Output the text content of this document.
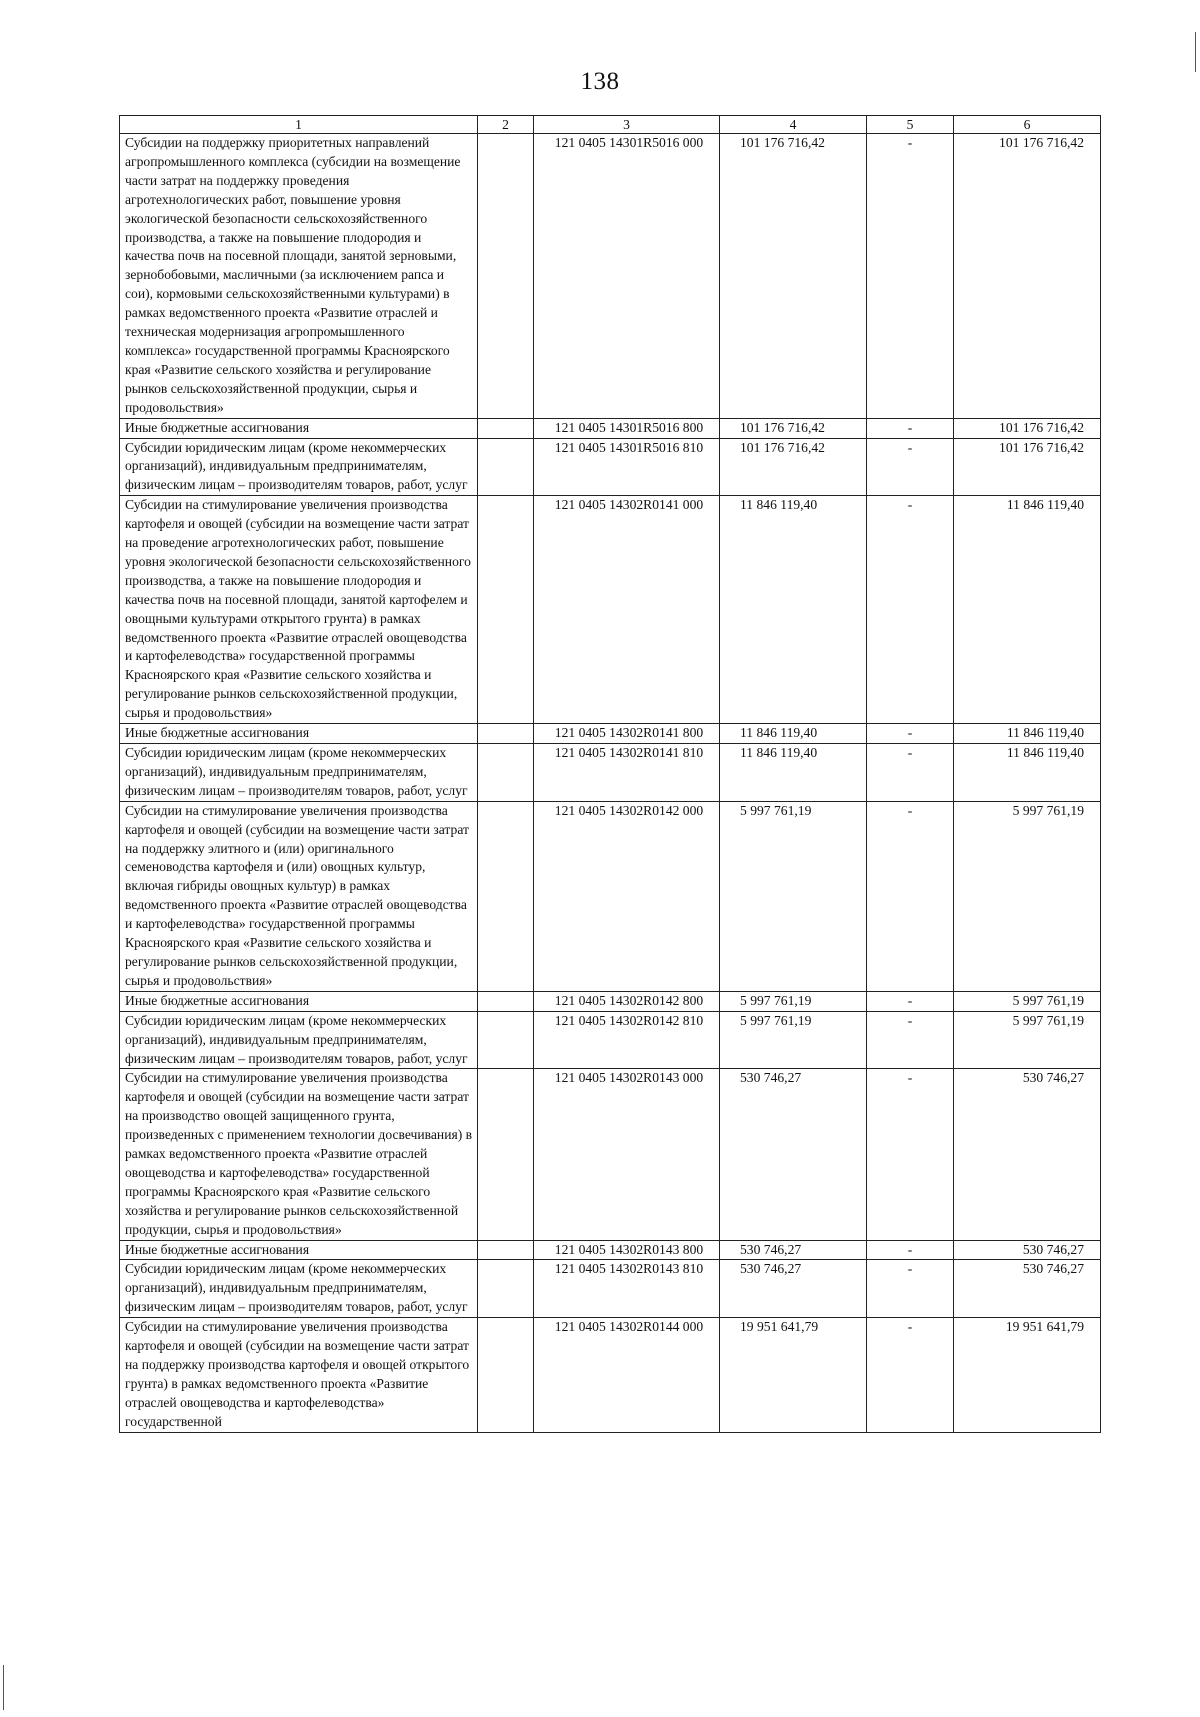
138
1	2	3	4	5	6
Субсидии на поддержку приоритетных направлений агропромышленного комплекса (субсидии на возмещение части затрат на поддержку проведения агротехнологических работ, повышение уровня экологической безопасности сельскохозяйственного производства, а также на повышение плодородия и качества почв на посевной площади, занятой зерновыми, зернобобовыми, масличными (за исключением рапса и сои), кормовыми сельскохозяйственными культурами) в рамках ведомственного проекта «Развитие отраслей и техническая модернизация агропромышленного комплекса» государственной программы Красноярского края «Развитие сельского хозяйства и регулирование рынков сельскохозяйственной продукции, сырья и продовольствия»		121 0405 14301R5016 000	101 176 716,42	-	101 176 716,42
Иные бюджетные ассигнования		121 0405 14301R5016 800	101 176 716,42	-	101 176 716,42
Субсидии юридическим лицам (кроме некоммерческих организаций), индивидуальным предпринимателям, физическим лицам – производителям товаров, работ, услуг		121 0405 14301R5016 810	101 176 716,42	-	101 176 716,42
Субсидии на стимулирование увеличения производства картофеля и овощей (субсидии на возмещение части затрат на проведение агротехнологических работ, повышение уровня экологической безопасности сельскохозяйственного производства, а также на повышение плодородия и качества почв на посевной площади, занятой картофелем и овощными культурами открытого грунта) в рамках ведомственного проекта «Развитие отраслей овощеводства и картофелеводства» государственной программы Красноярского края «Развитие сельского хозяйства и регулирование рынков сельскохозяйственной продукции, сырья и продовольствия»		121 0405 14302R0141 000	11 846 119,40	-	11 846 119,40
Иные бюджетные ассигнования		121 0405 14302R0141 800	11 846 119,40	-	11 846 119,40
Субсидии юридическим лицам (кроме некоммерческих организаций), индивидуальным предпринимателям, физическим лицам – производителям товаров, работ, услуг		121 0405 14302R0141 810	11 846 119,40	-	11 846 119,40
Субсидии на стимулирование увеличения производства картофеля и овощей (субсидии на возмещение части затрат на поддержку элитного и (или) оригинального семеноводства картофеля и (или) овощных культур, включая гибриды овощных культур) в рамках ведомственного проекта «Развитие отраслей овощеводства и картофелеводства» государственной программы Красноярского края «Развитие сельского хозяйства и регулирование рынков сельскохозяйственной продукции, сырья и продовольствия»		121 0405 14302R0142 000	5 997 761,19	-	5 997 761,19
Иные бюджетные ассигнования		121 0405 14302R0142 800	5 997 761,19	-	5 997 761,19
Субсидии юридическим лицам (кроме некоммерческих организаций), индивидуальным предпринимателям, физическим лицам – производителям товаров, работ, услуг		121 0405 14302R0142 810	5 997 761,19	-	5 997 761,19
Субсидии на стимулирование увеличения производства картофеля и овощей (субсидии на возмещение части затрат на производство овощей защищенного грунта, произведенных с применением технологии досвечивания) в рамках ведомственного проекта «Развитие отраслей овощеводства и картофелеводства» государственной программы Красноярского края «Развитие сельского хозяйства и регулирование рынков сельскохозяйственной продукции, сырья и продовольствия»		121 0405 14302R0143 000	530 746,27	-	530 746,27
Иные бюджетные ассигнования		121 0405 14302R0143 800	530 746,27	-	530 746,27
Субсидии юридическим лицам (кроме некоммерческих организаций), индивидуальным предпринимателям, физическим лицам – производителям товаров, работ, услуг		121 0405 14302R0143 810	530 746,27	-	530 746,27
Субсидии на стимулирование увеличения производства картофеля и овощей (субсидии на возмещение части затрат на поддержку производства картофеля и овощей открытого грунта) в рамках ведомственного проекта «Развитие отраслей овощеводства и картофелеводства» государственной		121 0405 14302R0144 000	19 951 641,79	-	19 951 641,79
